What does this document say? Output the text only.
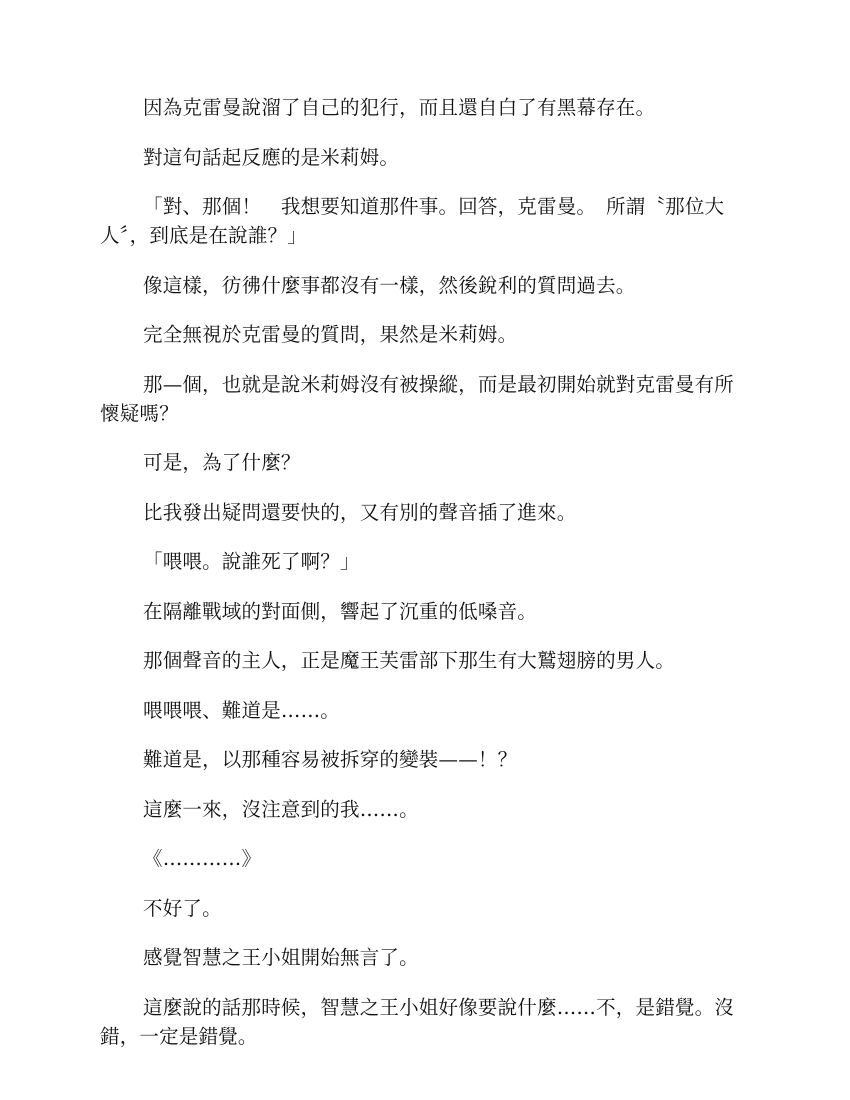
因為克雷曼說溜了自己的犯行，而且還自白了有黑幕存在。

對這句話起反應的是米莉姆。

「對、那個！　我想要知道那件事。回答，克雷曼。　所謂〝那位大人〞，到底是在說誰？」

像這樣，彷彿什麼事都沒有一樣，然後銳利的質問過去。

完全無視於克雷曼的質問，果然是米莉姆。

那—個，也就是說米莉姆沒有被操縱，而是最初開始就對克雷曼有所懷疑嗎？

可是，為了什麼？

比我發出疑問還要快的，又有別的聲音插了進來。

「喂喂。說誰死了啊？」

在隔離戰域的對面側，響起了沉重的低嗓音。

那個聲音的主人，正是魔王芙雷部下那生有大鷲翅膀的男人。

喂喂喂、難道是……。

難道是，以那種容易被拆穿的變裝——！？

這麼一來，沒注意到的我……。

《…………》

不好了。

感覺智慧之王小姐開始無言了。

這麼說的話那時候，智慧之王小姐好像要說什麼……不，是錯覺。沒錯，一定是錯覺。
